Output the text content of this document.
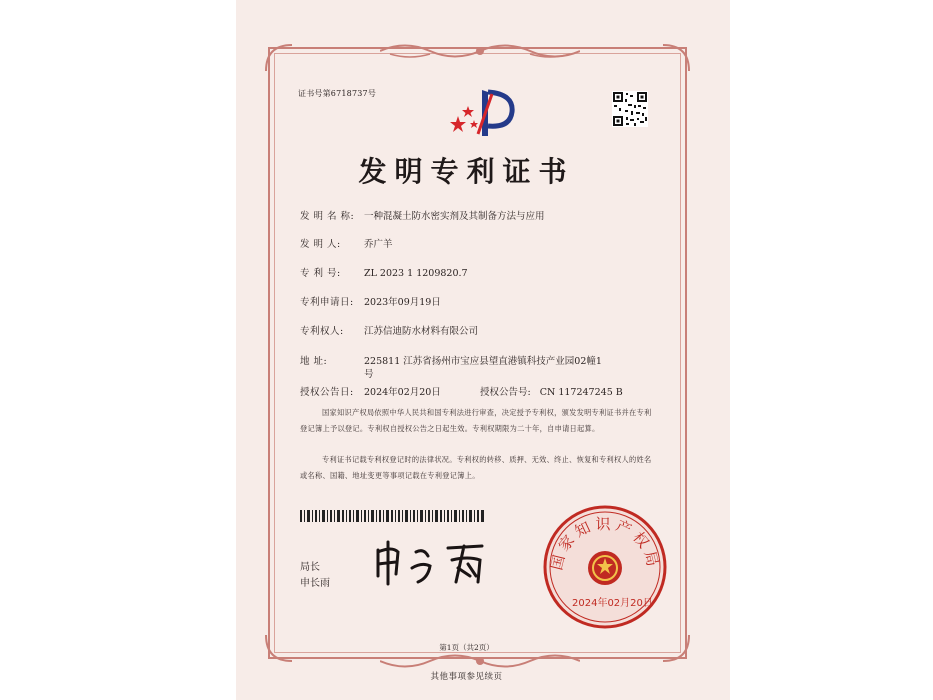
证书号第6718737号
发明专利证书
发 明 名 称: 一种混凝土防水密实剂及其制备方法与应用
发 明 人: 乔广羊
专 利 号: ZL 2023 1 1209820.7
专利申请日: 2023年09月19日
专利权人: 江苏信迪防水材料有限公司
地 址:	225811 江苏省扬州市宝应县望直港镇科技产业园02幢1
号
授权公告日: 2024年02月20日	授权公告号: CN 117247245 B
国家知识产权局依照中华人民共和国专利法进行审查，决定授予专利权，颁发发明专利证书并在专利登记簿上予以登记。专利权自授权公告之日起生效。专利权期限为二十年，自申请日起算。
专利证书记载专利权登记时的法律状况。专利权的转移、质押、无效、终止、恢复和专利权人的姓名或名称、国籍、地址变更等事项记载在专利登记簿上。
局长
申长雨
国家知识产权局
2024年02月20日
第1页（共2页）
其他事项参见续页
